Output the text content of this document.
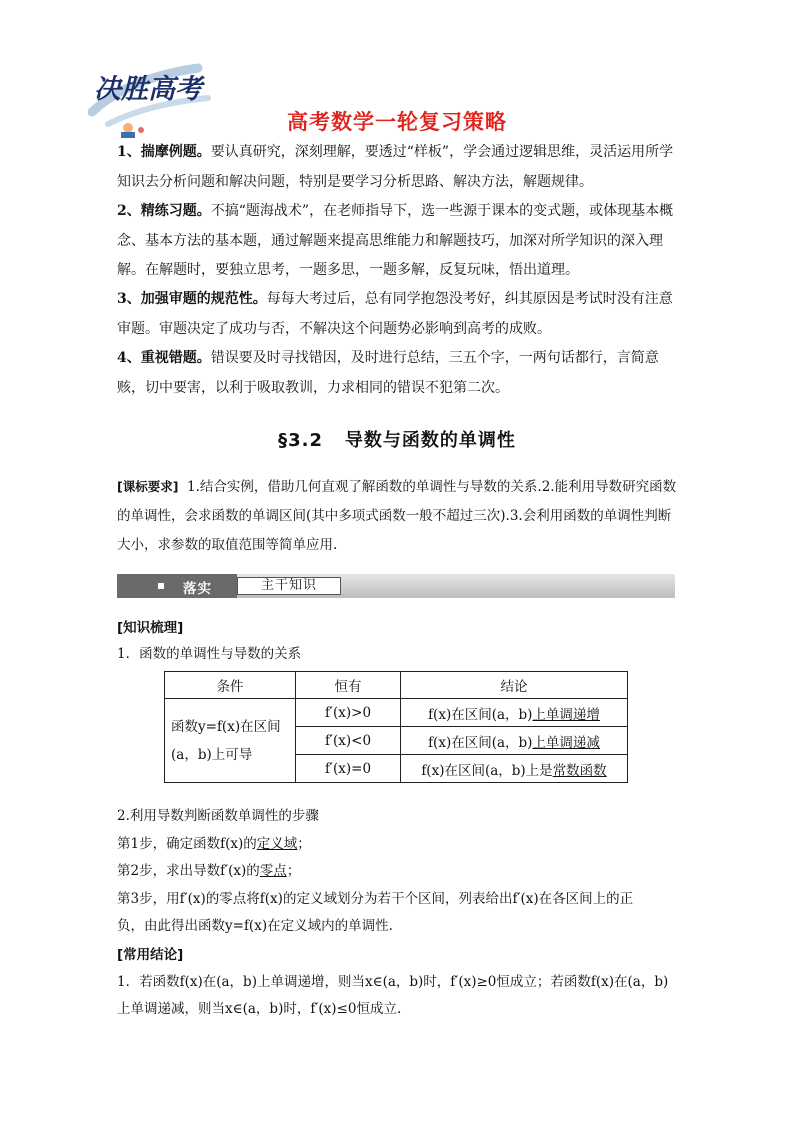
决胜高考
高考数学一轮复习策略
1、揣摩例题。要认真研究，深刻理解，要透过“样板”，学会通过逻辑思维，灵活运用所学知识去分析问题和解决问题，特别是要学习分析思路、解决方法，解题规律。
2、精练习题。不搞“题海战术”，在老师指导下，选一些源于课本的变式题，或体现基本概念、基本方法的基本题，通过解题来提高思维能力和解题技巧，加深对所学知识的深入理解。在解题时，要独立思考，一题多思，一题多解，反复玩味，悟出道理。
3、加强审题的规范性。每每大考过后，总有同学抱怨没考好，纠其原因是考试时没有注意审题。审题决定了成功与否，不解决这个问题势必影响到高考的成败。
4、重视错题。错误要及时寻找错因，及时进行总结，三五个字，一两句话都行，言简意赅，切中要害，以利于吸取教训，力求相同的错误不犯第二次。
§3.2 导数与函数的单调性
[课标要求] 1.结合实例，借助几何直观了解函数的单调性与导数的关系.2.能利用导数研究函数的单调性，会求函数的单调区间(其中多项式函数一般不超过三次).3.会利用函数的单调性判断大小，求参数的取值范围等简单应用.
落实	主干知识
[知识梳理]
1．函数的单调性与导数的关系
条件	恒有	结论

函数y=f(x)在区间
(a，b)上可导	f′(x)>0	f(x)在区间(a，b)上单调递增
	f′(x)<0	f(x)在区间(a，b)上单调递减
	f′(x)=0	f(x)在区间(a，b)上是常数函数
2.利用导数判断函数单调性的步骤
第1步，确定函数f(x)的定义域；
第2步，求出导数f′(x)的零点；
第3步，用f′(x)的零点将f(x)的定义域划分为若干个区间，列表给出f′(x)在各区间上的正
负，由此得出函数y=f(x)在定义域内的单调性.
[常用结论]
1．若函数f(x)在(a，b)上单调递增，则当x∈(a，b)时，f′(x)≥0恒成立；若函数f(x)在(a，b)
上单调递减，则当x∈(a，b)时，f′(x)≤0恒成立.
